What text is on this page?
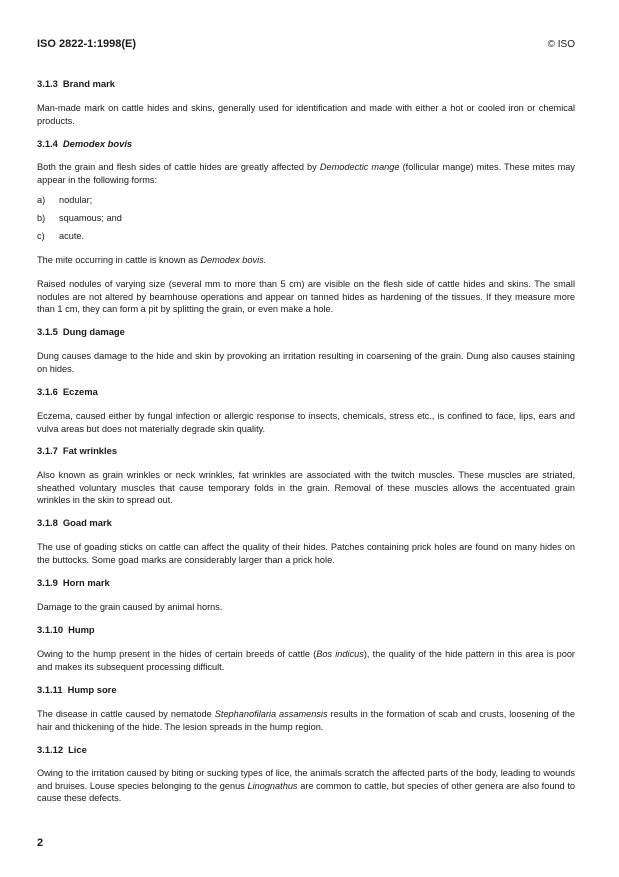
ISO 2822-1:1998(E)	© ISO
3.1.3 Brand mark
Man-made mark on cattle hides and skins, generally used for identification and made with either a hot or cooled iron or chemical products.
3.1.4 Demodex bovis
Both the grain and flesh sides of cattle hides are greatly affected by Demodectic mange (follicular mange) mites. These mites may appear in the following forms:
a) nodular;
b) squamous; and
c) acute.
The mite occurring in cattle is known as Demodex bovis.
Raised nodules of varying size (several mm to more than 5 cm) are visible on the flesh side of cattle hides and skins. The small nodules are not altered by beamhouse operations and appear on tanned hides as hardening of the tissues. If they measure more than 1 cm, they can form a pit by splitting the grain, or even make a hole.
3.1.5 Dung damage
Dung causes damage to the hide and skin by provoking an irritation resulting in coarsening of the grain. Dung also causes staining on hides.
3.1.6 Eczema
Eczema, caused either by fungal infection or allergic response to insects, chemicals, stress etc., is confined to face, lips, ears and vulva areas but does not materially degrade skin quality.
3.1.7 Fat wrinkles
Also known as grain wrinkles or neck wrinkles, fat wrinkles are associated with the twitch muscles. These muscles are striated, sheathed voluntary muscles that cause temporary folds in the grain. Removal of these muscles allows the accentuated grain wrinkles in the skin to spread out.
3.1.8 Goad mark
The use of goading sticks on cattle can affect the quality of their hides. Patches containing prick holes are found on many hides on the buttocks. Some goad marks are considerably larger than a prick hole.
3.1.9 Horn mark
Damage to the grain caused by animal horns.
3.1.10 Hump
Owing to the hump present in the hides of certain breeds of cattle (Bos indicus), the quality of the hide pattern in this area is poor and makes its subsequent processing difficult.
3.1.11 Hump sore
The disease in cattle caused by nematode Stephanofilaria assamensis results in the formation of scab and crusts, loosening of the hair and thickening of the hide. The lesion spreads in the hump region.
3.1.12 Lice
Owing to the irritation caused by biting or sucking types of lice, the animals scratch the affected parts of the body, leading to wounds and bruises. Louse species belonging to the genus Linognathus are common to cattle, but species of other genera are also found to cause these defects.
2
